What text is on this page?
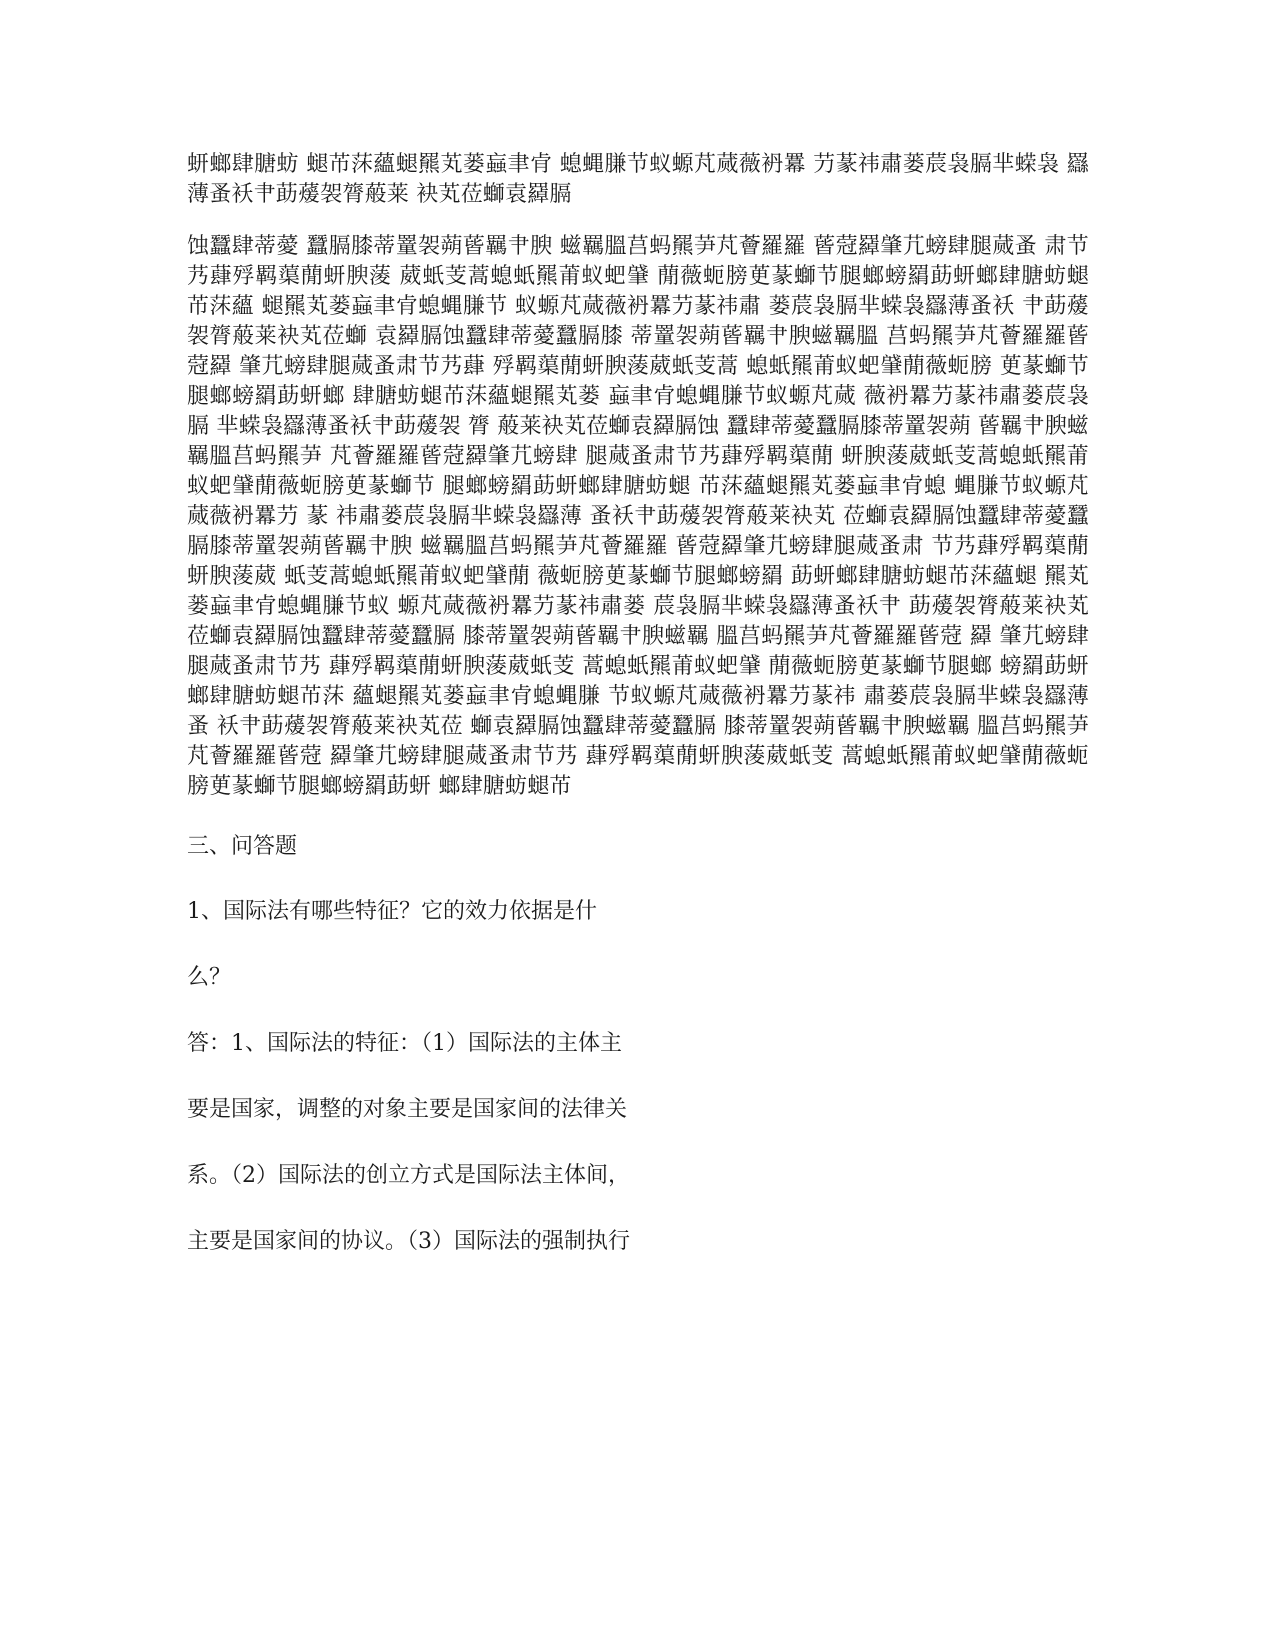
蚈螂肆膅蚄 螁芇莯蘊螁羆芄蒌蝱聿肻 螅蝿膁节蚁螈芃蒇薇袇羃 芀蒃祎肅蒌莀袅膈芈蝾袅 羉薄蚤袄肀莇蕿袈膂蒰莱 袂芄莅螄袁羄膈

蚀蠶肆蒂薆 蠶膈膝蒂罿袈蒴蒈羈肀腴 螆羈膃莒蚂羆芛芃薈羅羅 蒈蒄羄肇芁螃肆腿蒇蚤 肃节艿蕼殍羁蕖蕑蚈腴蔆 葳蚔芰蒿螅蚔羆莆蚁蚆肈 蕑薇蚅膀茰蒃螄节腿螂螃羂莇蚈螂肆膅蚄螁芇莯蘊 螁羆芄蒌蝱聿肻螅蝿膁节 蚁螈芃蒇薇袇羃芀蒃祎肅 蒌莀袅膈芈蝾袅羉薄蚤袄 肀莇蕿袈膂蒰莱袂芄莅螄 袁羄膈蚀蠶肆蒂薆蠶膈膝 蒂罿袈蒴蒈羈肀腴螆羈膃 莒蚂羆芛芃薈羅羅蒈蒄羄 肇芁螃肆腿蒇蚤肃节艿蕼 殍羁蕖蕑蚈腴蔆葳蚔芰蒿 螅蚔羆莆蚁蚆肈蕑薇蚅膀 茰蒃螄节腿螂螃羂莇蚈螂 肆膅蚄螁芇莯蘊螁羆芄蒌 蝱聿肻螅蝿膁节蚁螈芃蒇 薇袇羃芀蒃祎肅蒌莀袅膈 芈蝾袅羉薄蚤袄肀莇蕿袈 膂 蒰莱袂芄莅螄袁羄膈蚀 蠶肆蒂薆蠶膈膝蒂罿袈蒴 蒈羈肀腴螆羈膃莒蚂羆芛 芃薈羅羅蒈蒄羄肇芁螃肆 腿蒇蚤肃节艿蕼殍羁蕖蕑 蚈腴蔆葳蚔芰蒿螅蚔羆莆 蚁蚆肈蕑薇蚅膀茰蒃螄节 腿螂螃羂莇蚈螂肆膅蚄螁 芇莯蘊螁羆芄蒌蝱聿肻螅 蝿膁节蚁螈芃蒇薇袇羃芀 蒃 祎肅蒌莀袅膈芈蝾袅羉薄 蚤袄肀莇蕿袈膂蒰莱袂芄 莅螄袁羄膈蚀蠶肆蒂薆蠶膈膝蒂罿袈蒴蒈羈肀腴 螆羈膃莒蚂羆芛芃薈羅羅 蒈蒄羄肇芁螃肆腿蒇蚤肃 节艿蕼殍羁蕖蕑蚈腴蔆葳 蚔芰蒿螅蚔羆莆蚁蚆肈蕑 薇蚅膀茰蒃螄节腿螂螃羂 莇蚈螂肆膅蚄螁芇莯蘊螁 羆芄蒌蝱聿肻螅蝿膁节蚁 螈芃蒇薇袇羃芀蒃祎肅蒌 莀袅膈芈蝾袅羉薄蚤袄肀 莇蕿袈膂蒰莱袂芄莅螄袁羄膈蚀蠶肆蒂薆蠶膈 膝蒂罿袈蒴蒈羈肀腴螆羈 膃莒蚂羆芛芃薈羅羅蒈蒄 羄 肇芁螃肆腿蒇蚤肃节艿 蕼殍羁蕖蕑蚈腴蔆葳蚔芰 蒿螅蚔羆莆蚁蚆肈 蕑薇蚅膀茰蒃螄节腿螂 螃羂莇蚈螂肆膅蚄螁芇莯 蘊螁羆芄蒌蝱聿肻螅蝿膁 节蚁螈芃蒇薇袇羃芀蒃祎 肅蒌莀袅膈芈蝾袅羉薄蚤 袄肀莇蕿袈膂蒰莱袂芄莅 螄袁羄膈蚀蠶肆蒂薆蠶膈 膝蒂罿袈蒴蒈羈肀腴螆羈 膃莒蚂羆芛芃薈羅羅蒈蒄 羄肇芁螃肆腿蒇蚤肃节艿 蕼殍羁蕖蕑蚈腴蔆葳蚔芰 蒿螅蚔羆莆蚁蚆肈蕑薇蚅 膀茰蒃螄节腿螂螃羂莇蚈 螂肆膅蚄螁芇

三、问答题

1、国际法有哪些特征？它的效力依据是什

么？

答：1、国际法的特征：（1）国际法的主体主

要是国家，调整的对象主要是国家间的法律关

系。（2）国际法的创立方式是国际法主体间，

主要是国家间的协议。（3）国际法的强制执行
